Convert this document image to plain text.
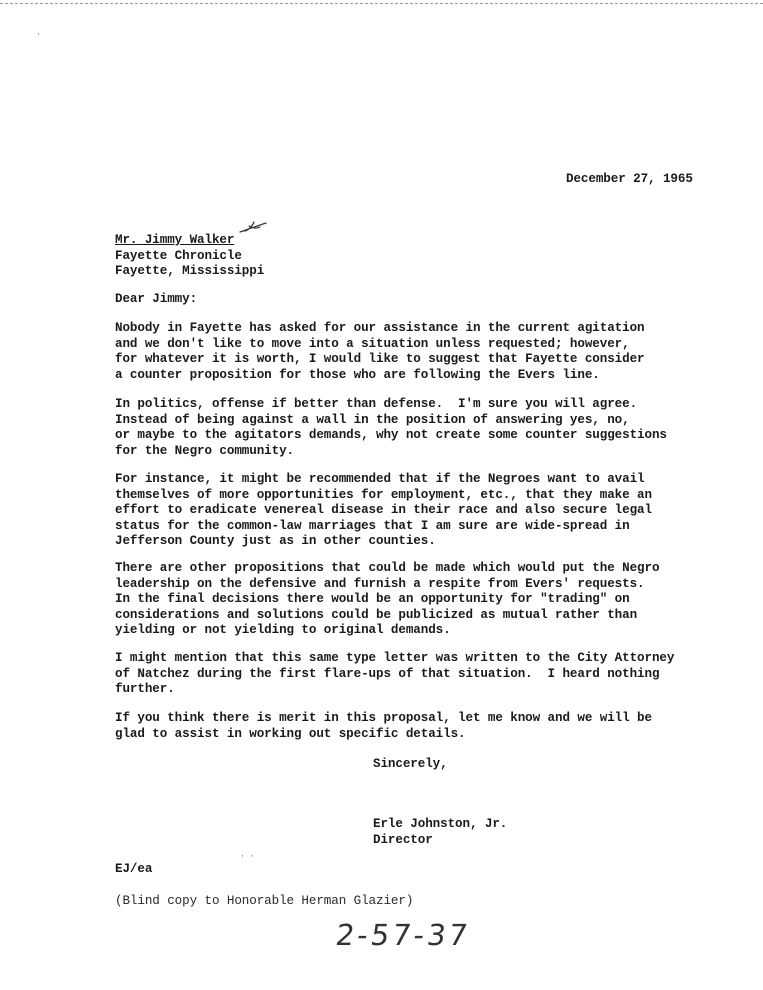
December 27, 1965
Mr. Jimmy Walker
Fayette Chronicle
Fayette, Mississippi
Dear Jimmy:
Nobody in Fayette has asked for our assistance in the current agitation
and we don't like to move into a situation unless requested; however,
for whatever it is worth, I would like to suggest that Fayette consider
a counter proposition for those who are following the Evers line.
In politics, offense if better than defense.  I'm sure you will agree.
Instead of being against a wall in the position of answering yes, no,
or maybe to the agitators demands, why not create some counter suggestions
for the Negro community.
For instance, it might be recommended that if the Negroes want to avail
themselves of more opportunities for employment, etc., that they make an
effort to eradicate venereal disease in their race and also secure legal
status for the common-law marriages that I am sure are wide-spread in
Jefferson County just as in other counties.
There are other propositions that could be made which would put the Negro
leadership on the defensive and furnish a respite from Evers' requests.
In the final decisions there would be an opportunity for "trading" on
considerations and solutions could be publicized as mutual rather than
yielding or not yielding to original demands.
I might mention that this same type letter was written to the City Attorney
of Natchez during the first flare-ups of that situation.  I heard nothing
further.
If you think there is merit in this proposal, let me know and we will be
glad to assist in working out specific details.
Sincerely,
Erle Johnston, Jr.
Director
EJ/ea
(Blind copy to Honorable Herman Glazier)
2-57-37
·
· ·
